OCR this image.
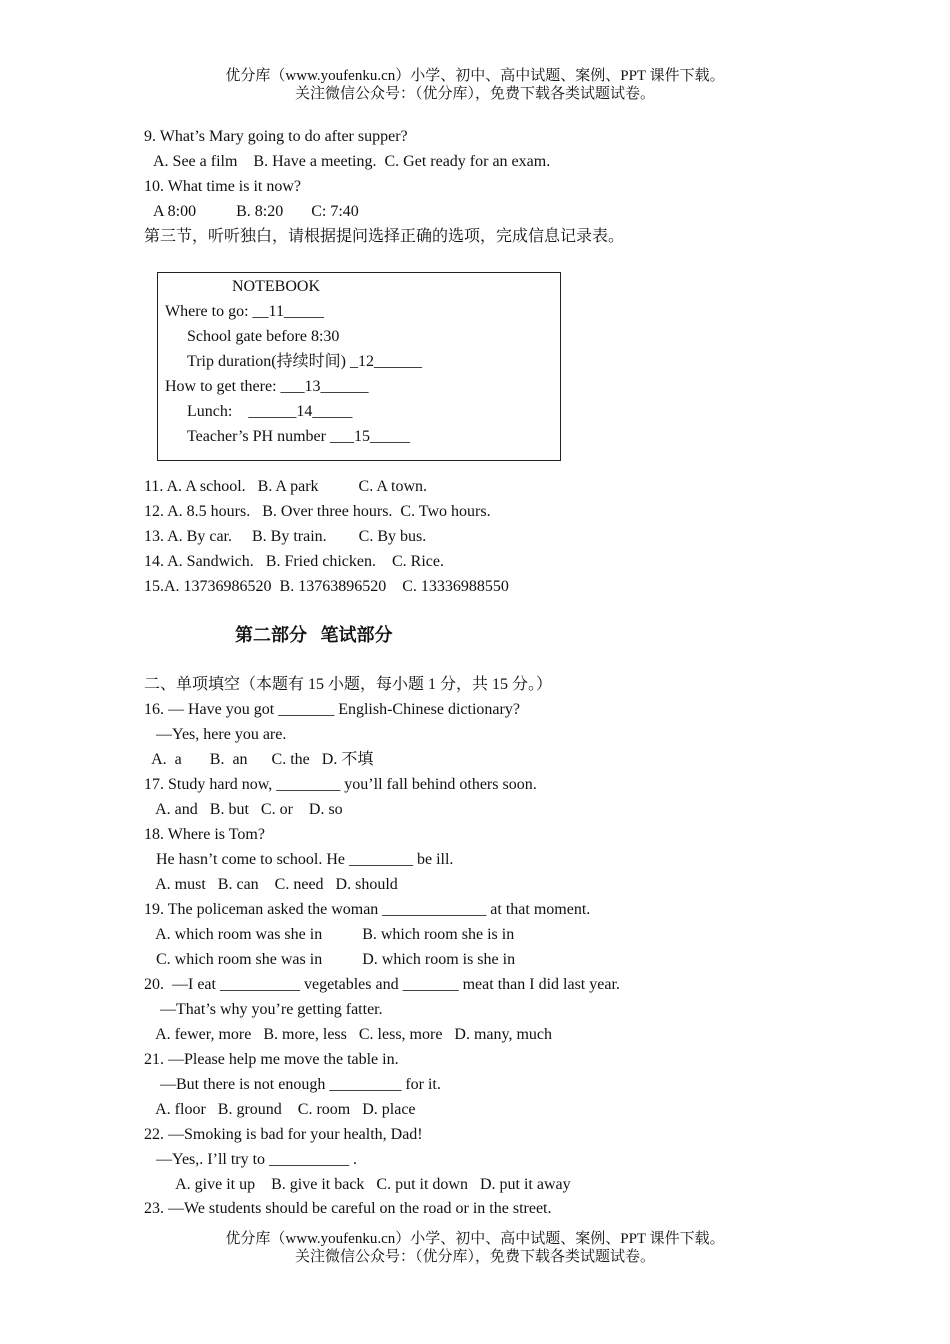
优分库（www.youfenku.cn）小学、初中、高中试题、案例、PPT 课件下载。
关注微信公众号：（优分库），免费下载各类试题试卷。
9. What’s Mary going to do after supper?
A. See a film    B. Have a meeting.  C. Get ready for an exam.
10. What time is it now?
A 8:00          B. 8:20       C: 7:40
第三节，听听独白，请根据提问选择正确的选项，完成信息记录表。
NOTEBOOK
Where to go: __11_____
School gate before 8:30
Trip duration(持续时间) _12______
How to get there: ___13______
Lunch:    ______14_____
Teacher’s PH number ___15_____
11. A. A school.   B. A park          C. A town.
12. A. 8.5 hours.   B. Over three hours.  C. Two hours.
13. A. By car.     B. By train.        C. By bus.
14. A. Sandwich.   B. Fried chicken.    C. Rice.
15.A. 13736986520  B. 13763896520    C. 13336988550
第二部分   笔试部分
二、单项填空（本题有 15 小题，每小题 1 分，共 15 分。）
16. — Have you got _______ English-Chinese dictionary?
—Yes, here you are.
A.  a       B.  an      C. the   D. 不填
17. Study hard now, ________ you’ll fall behind others soon.
A. and   B. but   C. or    D. so
18. Where is Tom?
He hasn’t come to school. He ________ be ill.
A. must   B. can    C. need   D. should
19. The policeman asked the woman _____________ at that moment.
A. which room was she in          B. which room she is in
C. which room she was in          D. which room is she in
20.  —I eat __________ vegetables and _______ meat than I did last year.
—That’s why you’re getting fatter.
A. fewer, more   B. more, less   C. less, more   D. many, much
21. —Please help me move the table in.
—But there is not enough _________ for it.
A. floor   B. ground    C. room   D. place
22. —Smoking is bad for your health, Dad!
—Yes,. I’ll try to __________ .
A. give it up    B. give it back   C. put it down   D. put it away
23. —We students should be careful on the road or in the street.
优分库（www.youfenku.cn）小学、初中、高中试题、案例、PPT 课件下载。
关注微信公众号：（优分库），免费下载各类试题试卷。
